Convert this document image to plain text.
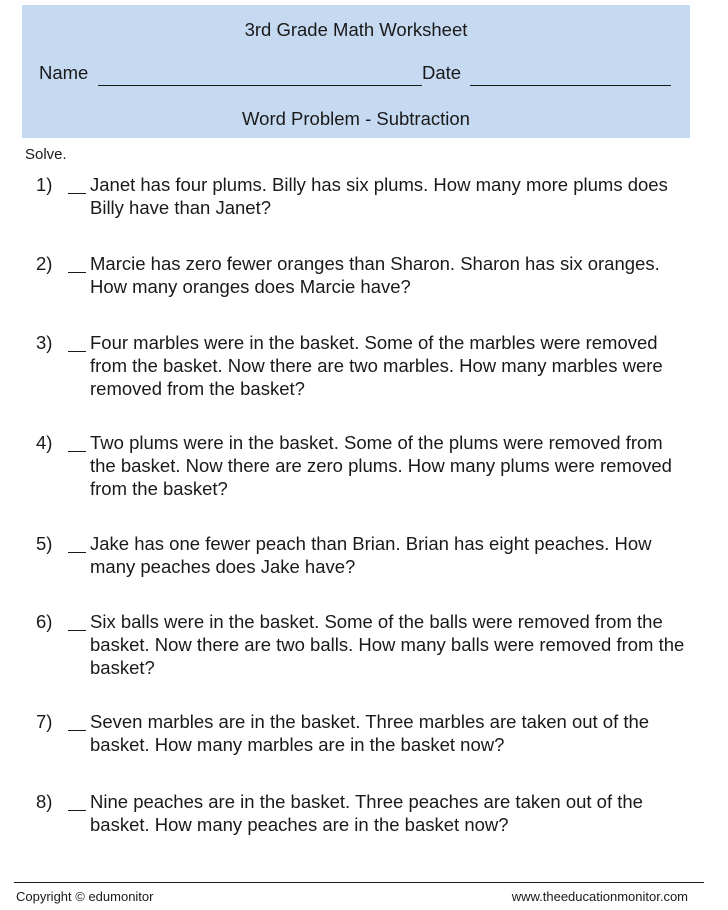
3rd Grade Math Worksheet
Name	Date
Word Problem - Subtraction
Solve.
1) Janet has four plums. Billy has six plums. How many more plums does Billy have than Janet?
2) Marcie has zero fewer oranges than Sharon. Sharon has six oranges. How many oranges does Marcie have?
3) Four marbles were in the basket. Some of the marbles were removed from the basket. Now there are two marbles. How many marbles were removed from the basket?
4) Two plums were in the basket. Some of the plums were removed from the basket. Now there are zero plums. How many plums were removed from the basket?
5) Jake has one fewer peach than Brian. Brian has eight peaches. How many peaches does Jake have?
6) Six balls were in the basket. Some of the balls were removed from the basket. Now there are two balls. How many balls were removed from the basket?
7) Seven marbles are in the basket. Three marbles are taken out of the basket. How many marbles are in the basket now?
8) Nine peaches are in the basket. Three peaches are taken out of the basket. How many peaches are in the basket now?
Copyright © edumonitor	www.theeducationmonitor.com
